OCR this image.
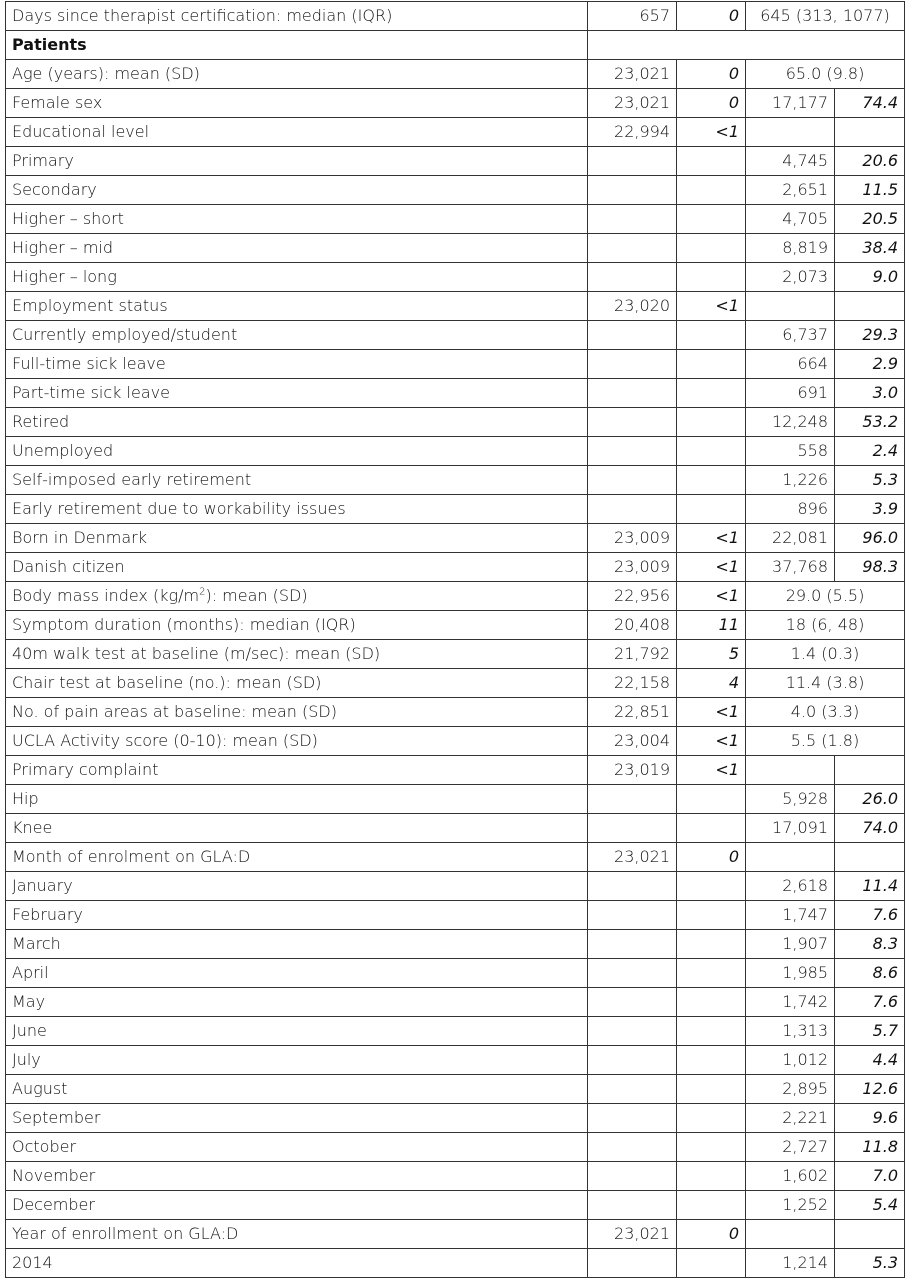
Days since therapist certification: median (IQR)	657	0	645 (313, 1077)	
Patients				
Age (years): mean (SD)	23,021	0	65.0 (9.8)	
Female sex	23,021	0	17,177	74.4
Educational level	22,994	<1		
Primary			4,745	20.6
Secondary			2,651	11.5
Higher – short			4,705	20.5
Higher – mid			8,819	38.4
Higher – long			2,073	9.0
Employment status	23,020	<1		
Currently employed/student			6,737	29.3
Full-time sick leave			664	2.9
Part-time sick leave			691	3.0
Retired			12,248	53.2
Unemployed			558	2.4
Self-imposed early retirement			1,226	5.3
Early retirement due to workability issues			896	3.9
Born in Denmark	23,009	<1	22,081	96.0
Danish citizen	23,009	<1	37,768	98.3
Body mass index $(kg/m^2)$: mean (SD)	22,956	<1	29.0 (5.5)	
Symptom duration (months): median (IQR)	20,408	11	18 (6, 48)	
40m walk test at baseline (m/sec): mean (SD)	21,792	5	1.4 (0.3)	
Chair test at baseline (no.): mean (SD)	22,158	4	11.4 (3.8)	
No. of pain areas at baseline: mean (SD)	22,851	<1	4.0 (3.3)	
UCLA Activity score (0-10): mean (SD)	23,004	<1	5.5 (1.8)	
Primary complaint	23,019	<1		
Hip			5,928	26.0
Knee			17,091	74.0
Month of enrolment on GLA:D	23,021	0		
January			2,618	11.4
February			1,747	7.6
March			1,907	8.3
April			1,985	8.6
May			1,742	7.6
June			1,313	5.7
July			1,012	4.4
August			2,895	12.6
September			2,221	9.6
October			2,727	11.8
November			1,602	7.0
December			1,252	5.4
Year of enrollment on GLA:D	23,021	0		
2014			1,214	5.3
